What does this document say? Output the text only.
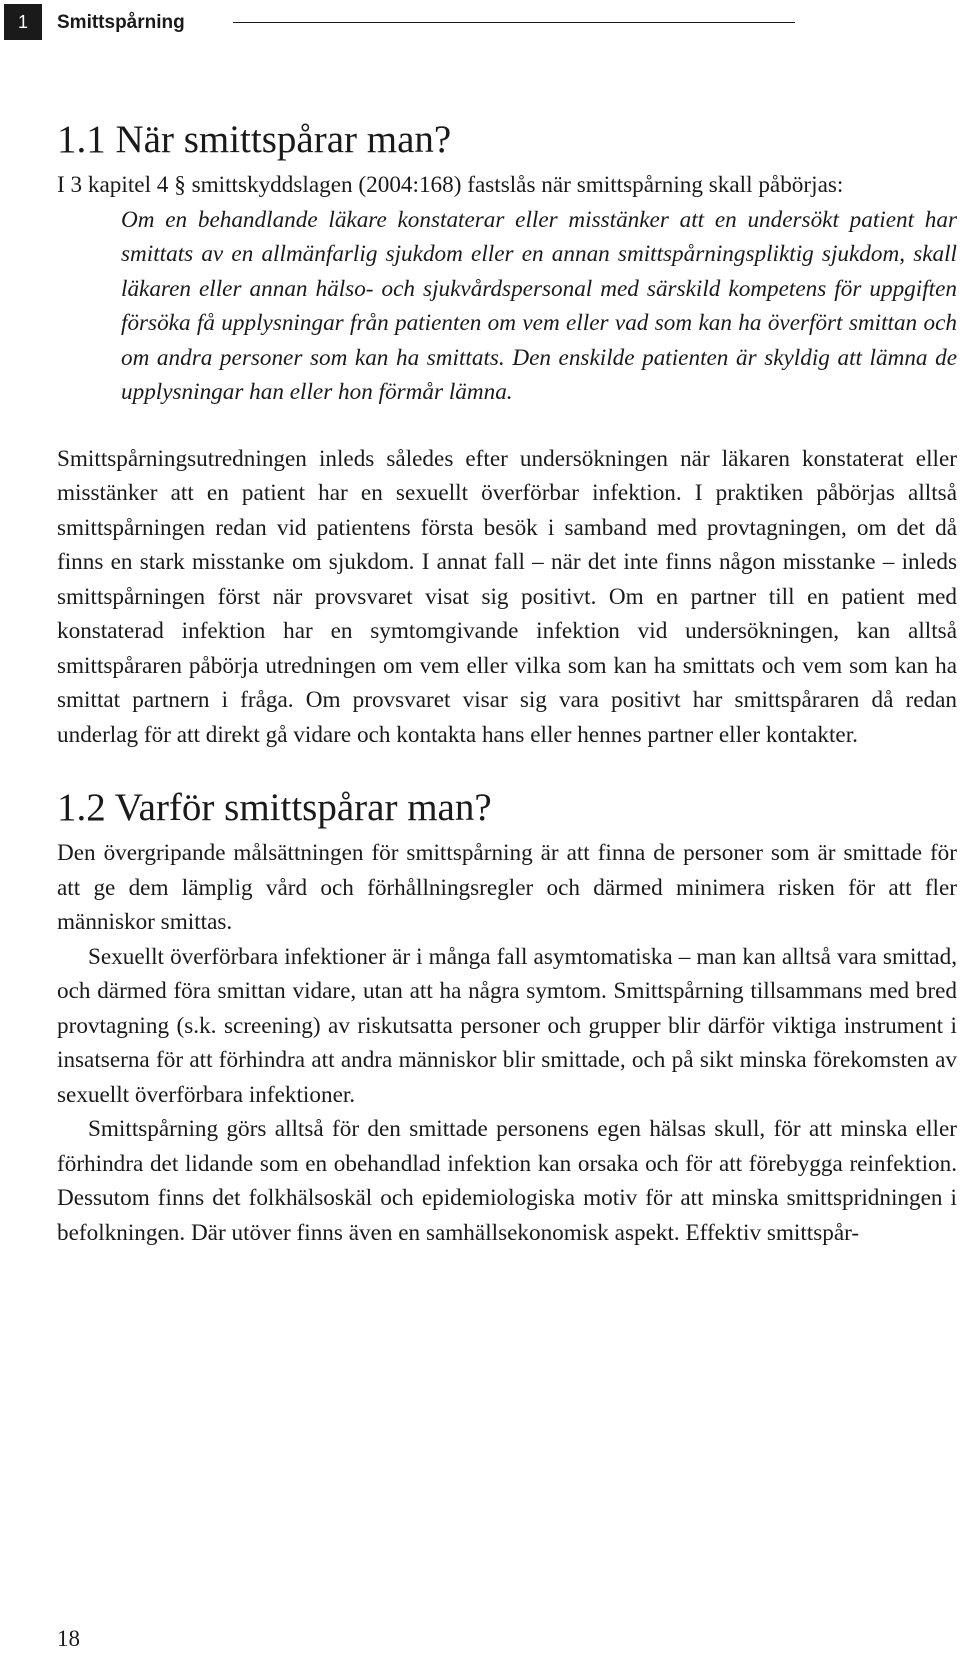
1	Smittspårning
1.1 När smittspårar man?

I 3 kapitel 4 § smittskyddslagen (2004:168) fastslås när smittspårning skall påbörjas:

Om en behandlande läkare konstaterar eller misstänker att en undersökt patient har smittats av en allmänfarlig sjukdom eller en annan smittspårningspliktig sjukdom, skall läkaren eller annan hälso- och sjukvårdspersonal med särskild kompetens för uppgiften försöka få upplysningar från patienten om vem eller vad som kan ha överfört smittan och om andra personer som kan ha smittats. Den enskilde patienten är skyldig att lämna de upplysningar han eller hon förmår lämna.

Smittspårningsutredningen inleds således efter undersökningen när läkaren konstaterat eller misstänker att en patient har en sexuellt överförbar infektion. I praktiken påbörjas alltså smittspårningen redan vid patientens första besök i samband med provtagningen, om det då finns en stark misstanke om sjukdom. I annat fall – när det inte finns någon misstanke – inleds smittspårningen först när provsvaret visat sig positivt. Om en partner till en patient med konstaterad infektion har en symtomgivande infektion vid undersökningen, kan alltså smittspåraren påbörja utredningen om vem eller vilka som kan ha smittats och vem som kan ha smittat partnern i fråga. Om provsvaret visar sig vara positivt har smittspåraren då redan underlag för att direkt gå vidare och kontakta hans eller hennes partner eller kontakter.

1.2 Varför smittspårar man?

Den övergripande målsättningen för smittspårning är att finna de personer som är smittade för att ge dem lämplig vård och förhållningsregler och därmed minimera risken för att fler människor smittas.

Sexuellt överförbara infektioner är i många fall asymtomatiska – man kan alltså vara smittad, och därmed föra smittan vidare, utan att ha några symtom. Smittspårning tillsammans med bred provtagning (s.k. screening) av riskutsatta personer och grupper blir därför viktiga instrument i insatserna för att förhindra att andra människor blir smittade, och på sikt minska förekomsten av sexuellt överförbara infektioner.

Smittspårning görs alltså för den smittade personens egen hälsas skull, för att minska eller förhindra det lidande som en obehandlad infektion kan orsaka och för att förebygga reinfektion. Dessutom finns det folkhälsoskäl och epidemiologiska motiv för att minska smittspridningen i befolkningen. Där utöver finns även en samhällsekonomisk aspekt. Effektiv smittspår-

18
